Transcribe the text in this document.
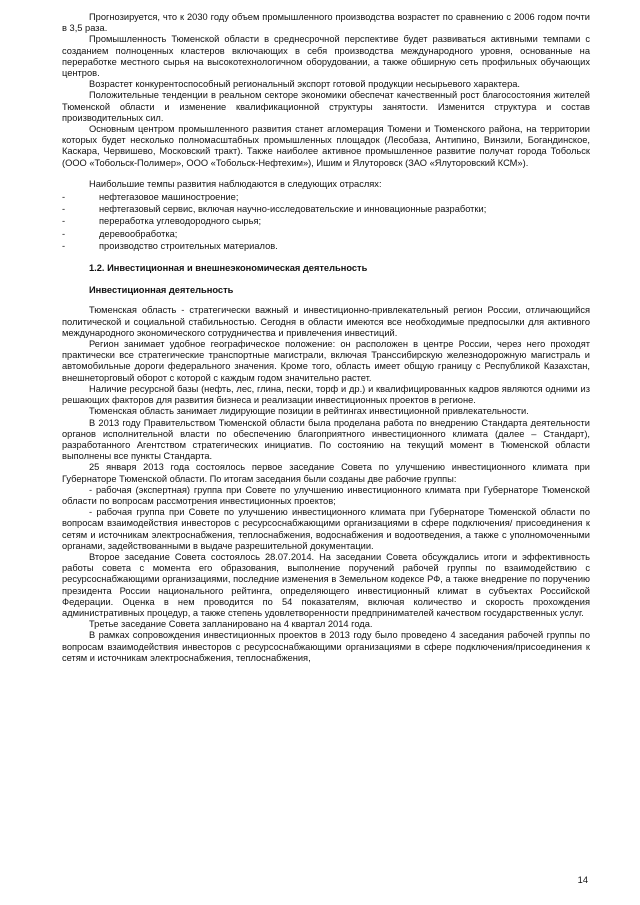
Прогнозируется, что к 2030 году объем промышленного производства возрастет по сравнению с 2006 годом почти в 3,5 раза.

Промышленность Тюменской области в среднесрочной перспективе будет развиваться активными темпами с созданием полноценных кластеров включающих в себя производства международного уровня, основанные на переработке местного сырья на высокотехнологичном оборудовании, а также обширную сеть профильных обучающих центров.

Возрастет конкурентоспособный региональный экспорт готовой продукции несырьевого характера.

Положительные тенденции в реальном секторе экономики обеспечат качественный рост благосостояния жителей Тюменской области и изменение квалификационной структуры занятости. Изменится структура и состав производительных сил.

Основным центром промышленного развития станет агломерация Тюмени и Тюменского района, на территории которых будет несколько полномасштабных промышленных площадок (Лесобаза, Антипино, Винзили, Богандинское, Каскара, Червишево, Московский тракт). Также наиболее активное промышленное развитие получат города Тобольск (ООО «Тобольск-Полимер», ООО «Тобольск-Нефтехим»), Ишим и Ялуторовск (ЗАО «Ялуторовский КСМ»).

Наибольшие темпы развития наблюдаются в следующих отраслях:

-	нефтегазовое машиностроение;
-	нефтегазовый сервис, включая научно-исследовательские и инновационные разработки;
-	переработка углеводородного сырья;
-	деревообработка;
-	производство строительных материалов.
1.2. Инвестиционная и внешнеэкономическая деятельность
Инвестиционная деятельность

Тюменская область - стратегически важный и инвестиционно-привлекательный регион России, отличающийся политической и социальной стабильностью. Сегодня в области имеются все необходимые предпосылки для активного международного экономического сотрудничества и привлечения инвестиций.

Регион занимает удобное географическое положение: он расположен в центре России, через него проходят практически все стратегические транспортные магистрали, включая Транссибирскую железнодорожную магистраль и автомобильные дороги федерального значения. Кроме того, область имеет общую границу с Республикой Казахстан, внешнеторговый оборот с которой с каждым годом значительно растет.

Наличие ресурсной базы (нефть, лес, глина, пески, торф и др.) и квалифицированных кадров являются одними из решающих факторов для развития бизнеса и реализации инвестиционных проектов в регионе.

Тюменская область занимает лидирующие позиции в рейтингах инвестиционной привлекательности.

В 2013 году Правительством Тюменской области была проделана работа по внедрению Стандарта деятельности органов исполнительной власти по обеспечению благоприятного инвестиционного климата (далее – Стандарт), разработанного Агентством стратегических инициатив. По состоянию на текущий момент в Тюменской области выполнены все пункты Стандарта.

25 января 2013 года состоялось первое заседание Совета по улучшению инвестиционного климата при Губернаторе Тюменской области. По итогам заседания были созданы две рабочие группы:

- рабочая (экспертная) группа при Совете по улучшению инвестиционного климата при Губернаторе Тюменской области по вопросам рассмотрения инвестиционных проектов;

- рабочая группа при Совете по улучшению инвестиционного климата при Губернаторе Тюменской области по вопросам взаимодействия инвесторов с ресурсоснабжающими организациями в сфере подключения/ присоединения к сетям и источникам электроснабжения, теплоснабжения, водоснабжения и водоотведения, а также с уполномоченными органами, задействованными в выдаче разрешительной документации.

Второе заседание Совета состоялось 28.07.2014. На заседании Совета обсуждались итоги и эффективность работы совета с момента его образования, выполнение поручений рабочей группы по взаимодействию с ресурсоснабжающими организациями, последние изменения в Земельном кодексе РФ, а также внедрение по поручению президента России национального рейтинга, определяющего инвестиционный климат в субъектах Российской Федерации. Оценка в нем проводится по 54 показателям, включая количество и скорость прохождения административных процедур, а также степень удовлетворенности предпринимателей качеством государственных услуг.

Третье заседание Совета запланировано на 4 квартал 2014 года.

В рамках сопровождения инвестиционных проектов в 2013 году было проведено 4 заседания рабочей группы по вопросам взаимодействия инвесторов с ресурсоснабжающими организациями в сфере подключения/присоединения к сетям и источникам электроснабжения, теплоснабжения,

14
